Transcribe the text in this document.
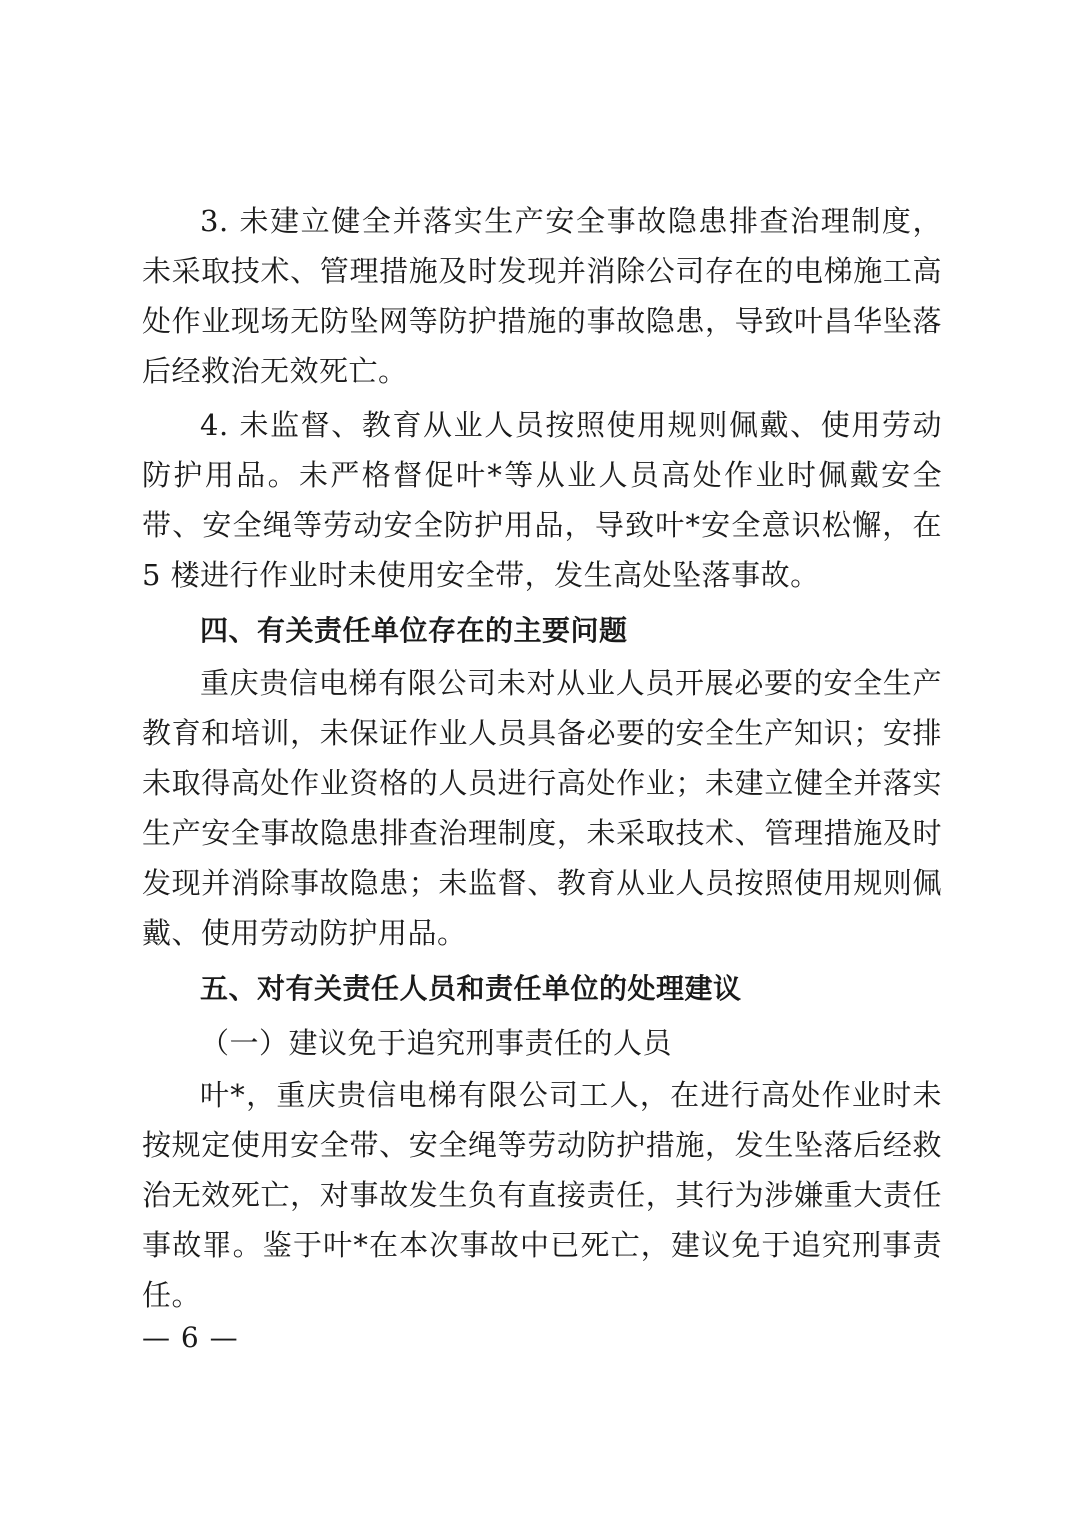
3. 未建立健全并落实生产安全事故隐患排查治理制度，未采取技术、管理措施及时发现并消除公司存在的电梯施工高处作业现场无防坠网等防护措施的事故隐患，导致叶昌华坠落后经救治无效死亡。

4. 未监督、教育从业人员按照使用规则佩戴、使用劳动防护用品。未严格督促叶*等从业人员高处作业时佩戴安全带、安全绳等劳动安全防护用品，导致叶*安全意识松懈，在 5 楼进行作业时未使用安全带，发生高处坠落事故。

四、有关责任单位存在的主要问题

重庆贵信电梯有限公司未对从业人员开展必要的安全生产教育和培训，未保证作业人员具备必要的安全生产知识；安排未取得高处作业资格的人员进行高处作业；未建立健全并落实生产安全事故隐患排查治理制度，未采取技术、管理措施及时发现并消除事故隐患；未监督、教育从业人员按照使用规则佩戴、使用劳动防护用品。

五、对有关责任人员和责任单位的处理建议

（一）建议免于追究刑事责任的人员

叶*，重庆贵信电梯有限公司工人，在进行高处作业时未按规定使用安全带、安全绳等劳动防护措施，发生坠落后经救治无效死亡，对事故发生负有直接责任，其行为涉嫌重大责任事故罪。鉴于叶*在本次事故中已死亡，建议免于追究刑事责任。

— 6 —
